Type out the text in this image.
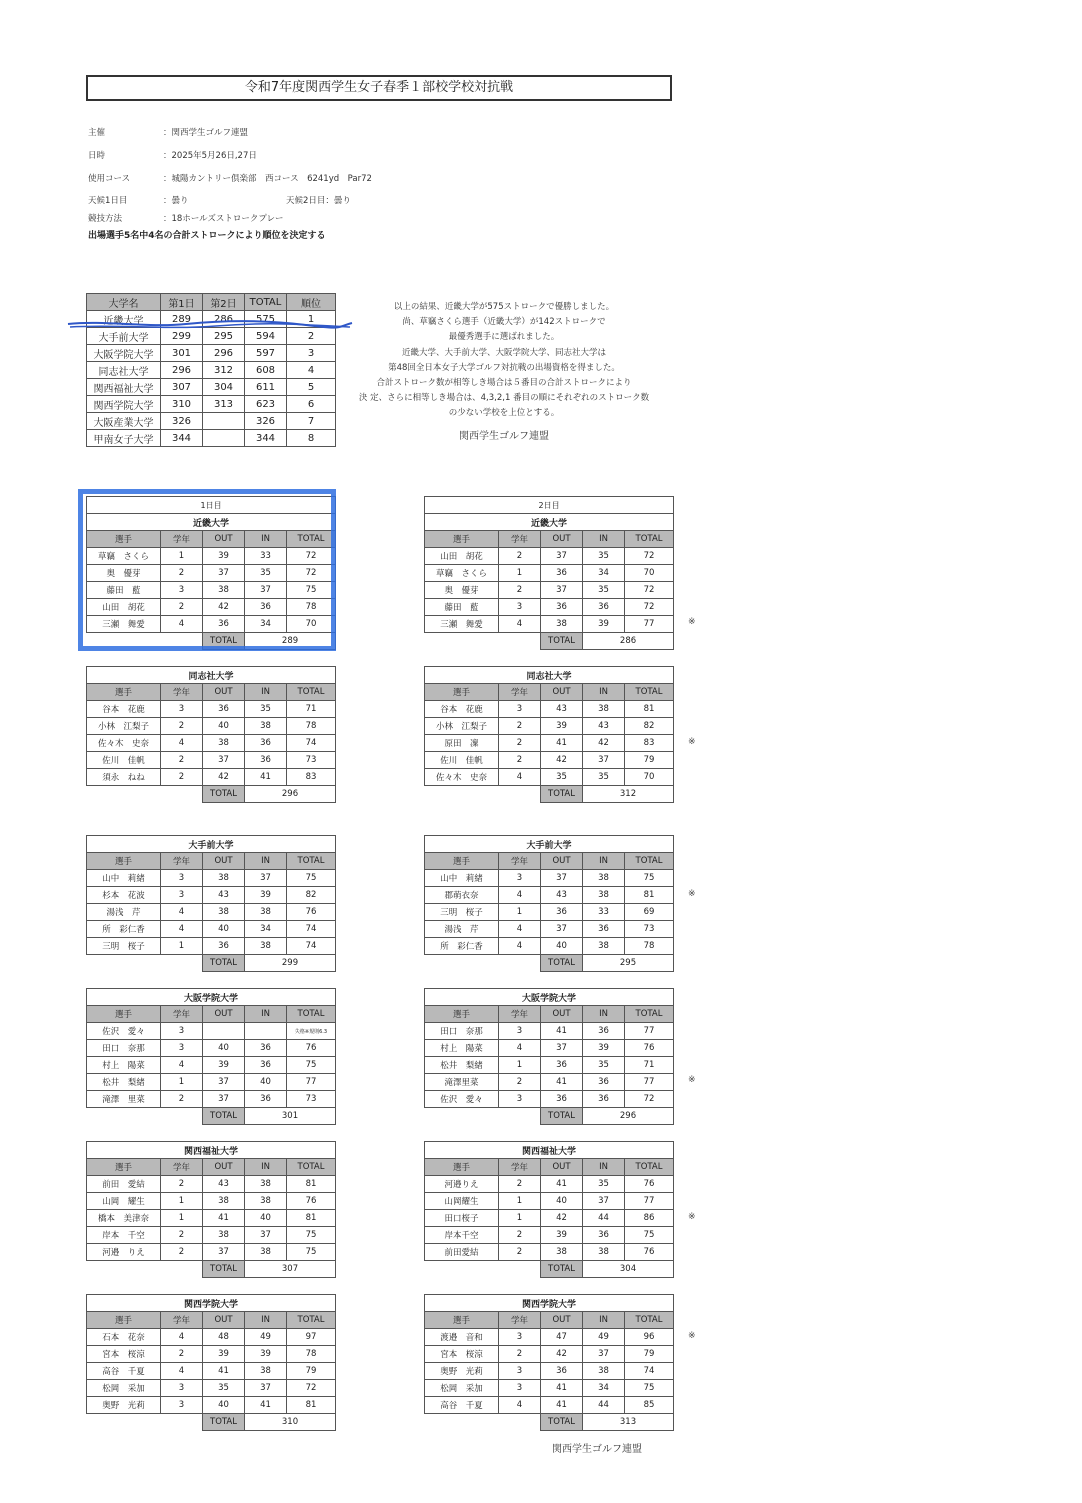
令和7年度関西学生女子春季１部校学校対抗戦
主催	：関西学生ゴルフ連盟
日時	：2025年5月26日,27日
使用コース	：城陽カントリー倶楽部　西コース　6241yd　Par72
天候1日目	：曇り	天候2日目：曇り
競技方法	：18ホールズストロークプレー
出場選手5名中4名の合計ストロークにより順位を決定する
大学名	第1日	第2日	TOTAL	順位
近畿大学	289	286	575	1
大手前大学	299	295	594	2
大阪学院大学	301	296	597	3
同志社大学	296	312	608	4
関西福祉大学	307	304	611	5
関西学院大学	310	313	623	6
大阪産業大学	326		326	7
甲南女子大学	344		344	8
以上の結果、近畿大学が575ストロークで優勝しました。
尚、草竊さくら選手（近畿大学）が142ストロークで
最優秀選手に選ばれました。
近畿大学、大手前大学、大阪学院大学、同志社大学は
第48回全日本女子大学ゴルフ対抗戦の出場資格を得ました。
合計ストローク数が相等しき場合は５番目の合計ストロークにより
決 定、さらに相等しき場合は、4,3,2,1 番目の順にそれぞれのストローク数
の少ない学校を上位とする。
関西学生ゴルフ連盟
1日目				
近畿大学				
選手	学年	OUT	IN	TOTAL
草竊　さくら	1	39	33	72
奥　優芽	2	37	35	72
藤田　藍	3	38	37	75
山田　胡花	2	42	36	78
三瀬　舞愛	4	36	34	70
		TOTAL	289	
同志社大学				
選手	学年	OUT	IN	TOTAL
谷本　花鹿	3	36	35	71
小林　江梨子	2	40	38	78
佐々木　史奈	4	38	36	74
佐川　佳帆	2	37	36	73
須永　ねね	2	42	41	83
		TOTAL	296	
大手前大学				
選手	学年	OUT	IN	TOTAL
山中　莉緒	3	38	37	75
杉本　花波	3	43	39	82
湯浅　芹	4	38	38	76
所　彩仁香	4	40	34	74
三明　桜子	1	36	38	74
		TOTAL	299	
大阪学院大学				
選手	学年	OUT	IN	TOTAL
佐沢　愛々	3			失格※規則6.3
田口　奈那	3	40	36	76
村上　陽菜	4	39	36	75
松井　梨緒	1	37	40	77
滝澤　里菜	2	37	36	73
		TOTAL	301	
関西福祉大学				
選手	学年	OUT	IN	TOTAL
前田　愛結	2	43	38	81
山岡　耀生	1	38	38	76
橋本　美津奈	1	41	40	81
岸本　千空	2	38	37	75
河邉　りえ	2	37	38	75
		TOTAL	307	
関西学院大学				
選手	学年	OUT	IN	TOTAL
石本　花奈	4	48	49	97
宮本　桜涼	2	39	39	78
高谷　千夏	4	41	38	79
松岡　采加	3	35	37	72
奥野　光莉	3	40	41	81
		TOTAL	310	
2日目				
近畿大学				
選手	学年	OUT	IN	TOTAL
山田　胡花	2	37	35	72
草竊　さくら	1	36	34	70
奥　優芽	2	37	35	72
藤田　藍	3	36	36	72
三瀬　舞愛	4	38	39	77
		TOTAL	286	
同志社大学				
選手	学年	OUT	IN	TOTAL
谷本　花鹿	3	43	38	81
小林　江梨子	2	39	43	82
原田　凜	2	41	42	83
佐川　佳帆	2	42	37	79
佐々木　史奈	4	35	35	70
		TOTAL	312	
大手前大学				
選手	学年	OUT	IN	TOTAL
山中　莉緒	3	37	38	75
郡萌衣奈	4	43	38	81
三明　桜子	1	36	33	69
湯浅　芹	4	37	36	73
所　彩仁香	4	40	38	78
		TOTAL	295	
大阪学院大学				
選手	学年	OUT	IN	TOTAL
田口　奈那	3	41	36	77
村上　陽菜	4	37	39	76
松井　梨緒	1	36	35	71
滝澤里菜	2	41	36	77
佐沢　愛々	3	36	36	72
		TOTAL	296	
関西福祉大学				
選手	学年	OUT	IN	TOTAL
河邉りえ	2	41	35	76
山岡耀生	1	40	37	77
田口桜子	1	42	44	86
岸本千空	2	39	36	75
前田愛結	2	38	38	76
		TOTAL	304	
関西学院大学				
選手	学年	OUT	IN	TOTAL
渡邉　音和	3	47	49	96
宮本　桜涼	2	42	37	79
奥野　光莉	3	36	38	74
松岡　采加	3	41	34	75
高谷　千夏	4	41	44	85
		TOTAL	313	
※
※
※
※
※
※
関西学生ゴルフ連盟
